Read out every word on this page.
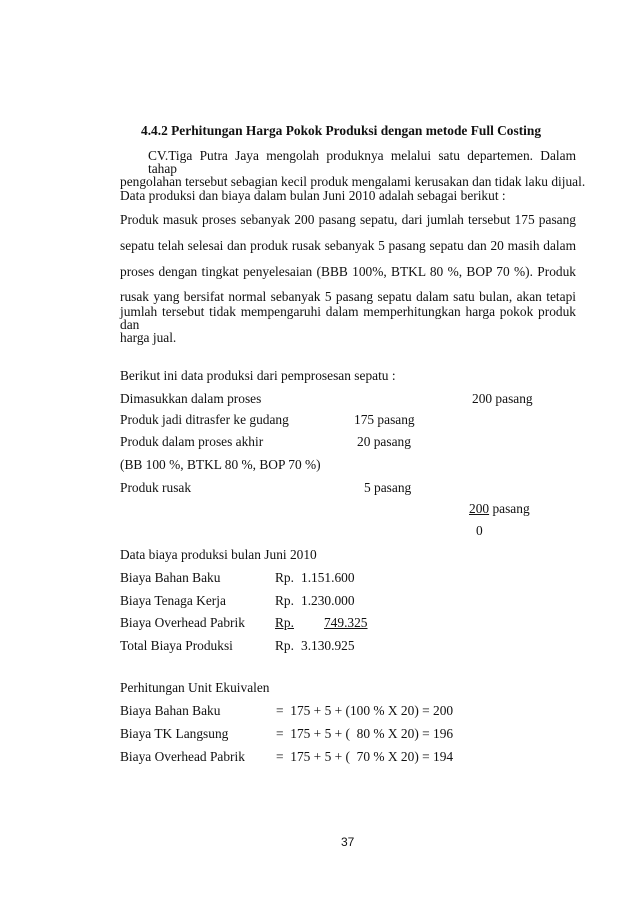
4.4.2 Perhitungan Harga Pokok Produksi dengan metode Full Costing
CV.Tiga Putra Jaya mengolah produknya melalui satu departemen. Dalam tahap
pengolahan tersebut sebagian kecil produk mengalami kerusakan dan tidak laku dijual.
Data produksi dan biaya dalam bulan Juni 2010 adalah sebagai berikut :
Produk masuk proses sebanyak 200 pasang sepatu, dari jumlah tersebut 175 pasang
sepatu telah selesai dan produk rusak sebanyak 5 pasang sepatu dan 20 masih dalam
proses dengan tingkat penyelesaian (BBB 100%, BTKL 80 %, BOP 70 %). Produk
rusak yang bersifat normal sebanyak 5 pasang sepatu dalam satu bulan, akan tetapi
jumlah tersebut tidak mempengaruhi dalam memperhitungkan harga pokok produk dan
harga jual.
Berikut ini data produksi dari pemprosesan sepatu :
Dimasukkan dalam proses	200 pasang
Produk jadi ditrasfer ke gudang	175 pasang
Produk dalam proses akhir	20 pasang
(BB 100 %, BTKL 80 %, BOP 70 %)
Produk rusak	5 pasang
200 pasang
0
Data biaya produksi bulan Juni 2010
Biaya Bahan Baku	Rp. 1.151.600
Biaya Tenaga Kerja	Rp. 1.230.000
Biaya Overhead Pabrik Rp. 749.325
Total Biaya Produksi	Rp. 3.130.925
Perhitungan Unit Ekuivalen
Biaya Bahan Baku	=  175 + 5 + (100 % X 20) = 200
Biaya TK Langsung	=  175 + 5 + (  80 % X 20) = 196
Biaya Overhead Pabrik =  175 + 5 + (  70 % X 20) = 194
37
